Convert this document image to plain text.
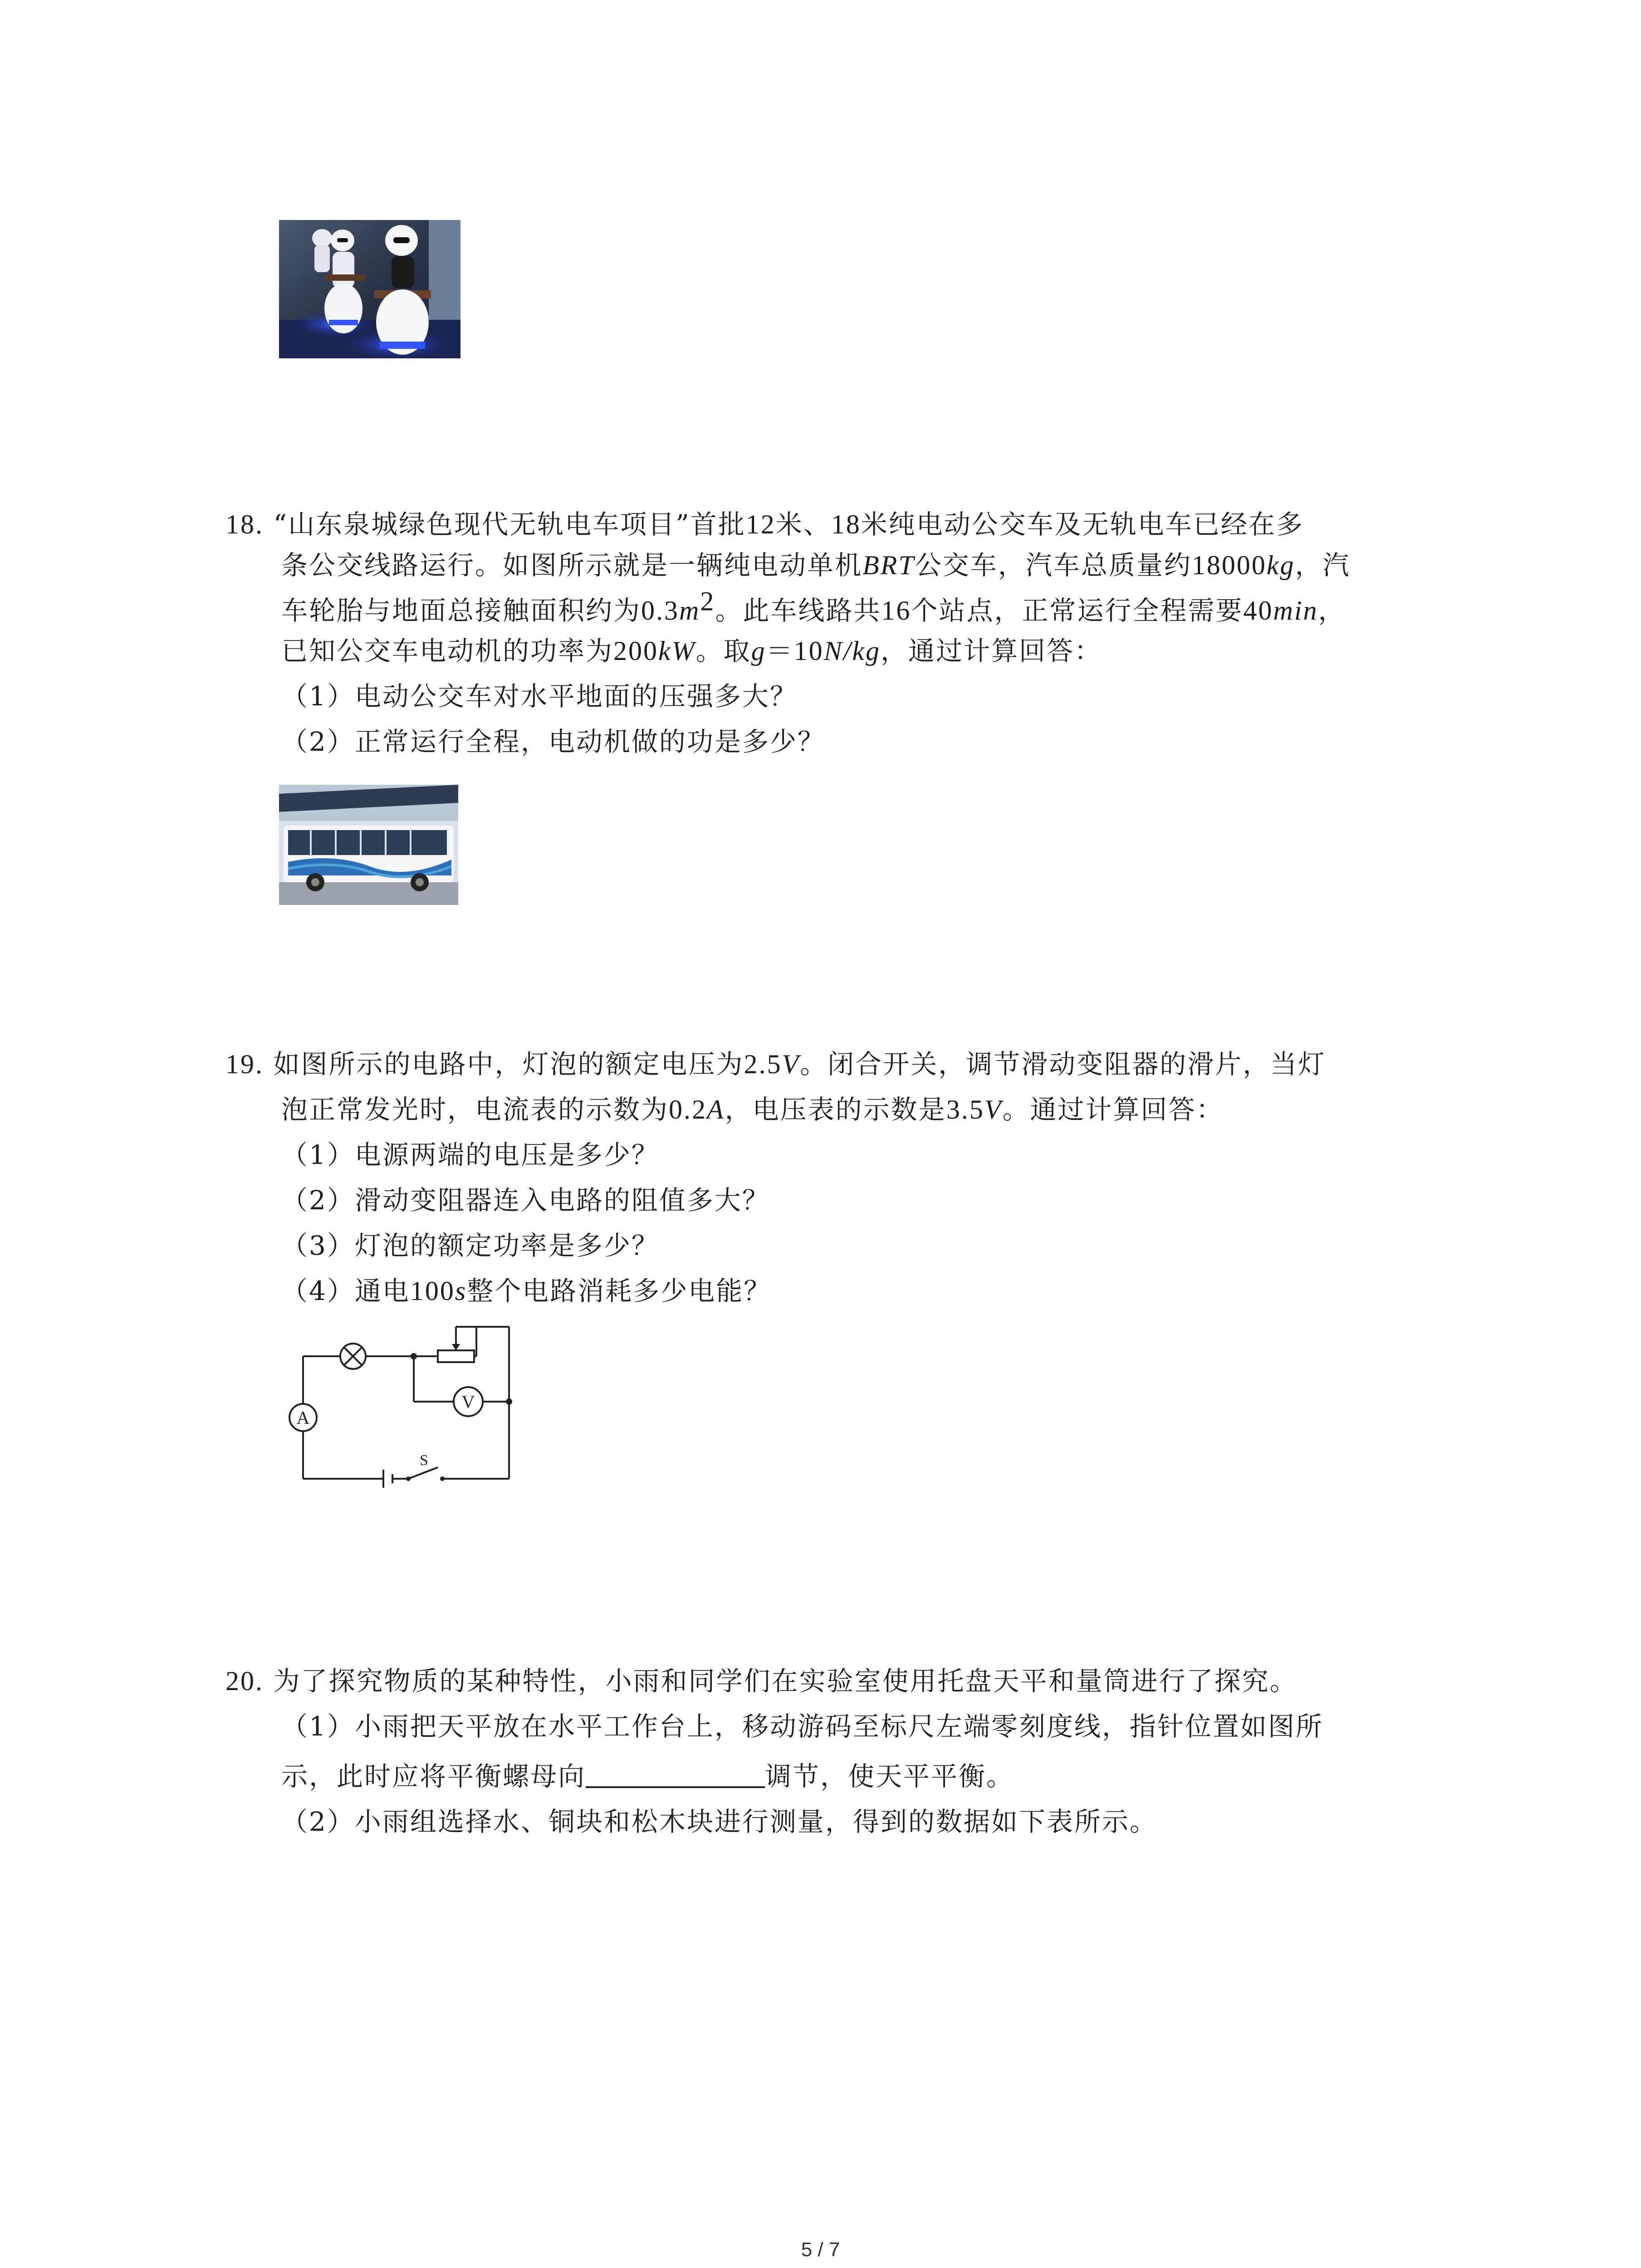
18. “山东泉城绿色现代无轨电车项目”首批12米、18米纯电动公交车及无轨电车已经在多
条公交线路运行。如图所示就是一辆纯电动单机BRT公交车，汽车总质量约18000kg，汽
车轮胎与地面总接触面积约为$0.3m^2$。此车线路共16个站点，正常运行全程需要40min，
已知公交车电动机的功率为200kW。取g＝10N/kg，通过计算回答：
（1）电动公交车对水平地面的压强多大？
（2）正常运行全程，电动机做的功是多少？
19. 如图所示的电路中，灯泡的额定电压为2.5V。闭合开关，调节滑动变阻器的滑片，当灯
泡正常发光时，电流表的示数为0.2A，电压表的示数是3.5V。通过计算回答：
（1）电源两端的电压是多少？
（2）滑动变阻器连入电路的阻值多大？
（3）灯泡的额定功率是多少？
（4）通电100s整个电路消耗多少电能？
A
V
S
20. 为了探究物质的某种特性，小雨和同学们在实验室使用托盘天平和量筒进行了探究。
（1）小雨把天平放在水平工作台上，移动游码至标尺左端零刻度线，指针位置如图所
示，此时应将平衡螺母向	调节，使天平平衡。
（2）小雨组选择水、铜块和松木块进行测量，得到的数据如下表所示。
5 / 7
